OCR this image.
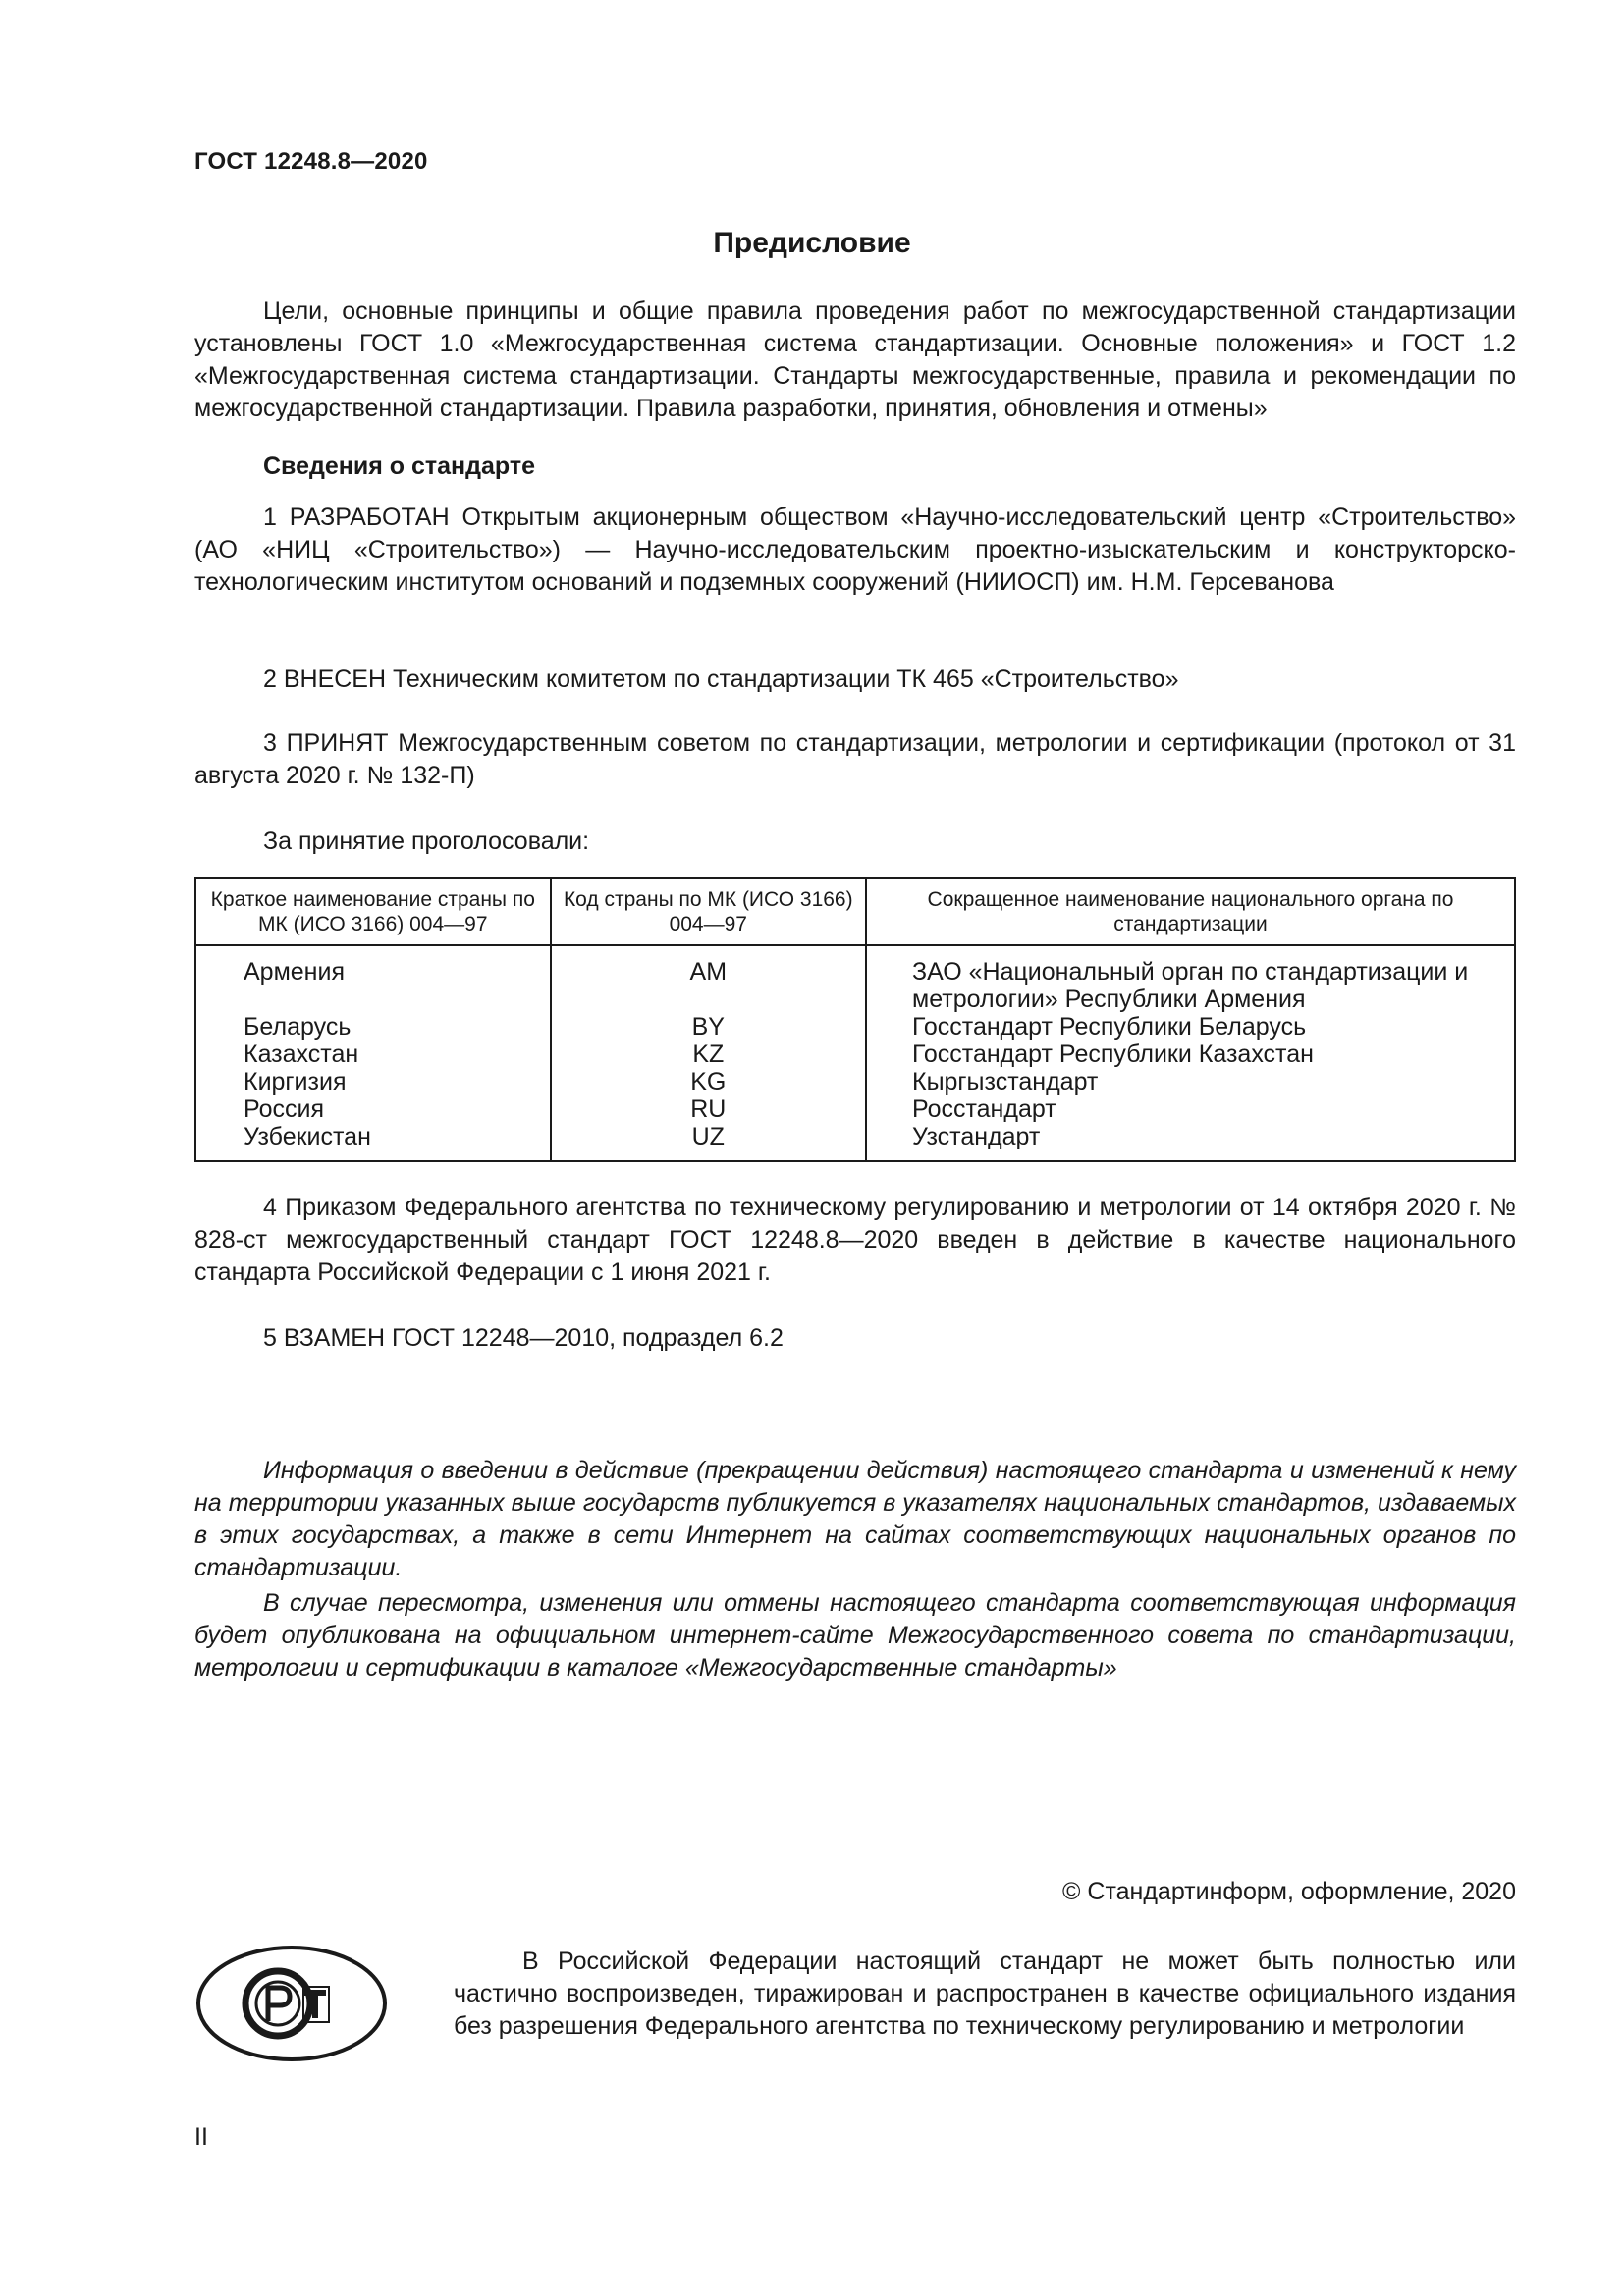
ГОСТ 12248.8—2020
Предисловие
Цели, основные принципы и общие правила проведения работ по межгосударственной стандартизации установлены ГОСТ 1.0 «Межгосударственная система стандартизации. Основные положения» и ГОСТ 1.2 «Межгосударственная система стандартизации. Стандарты межгосударственные, правила и рекомендации по межгосударственной стандартизации. Правила разработки, принятия, обновления и отмены»
Сведения о стандарте
1 РАЗРАБОТАН Открытым акционерным обществом «Научно-исследовательский центр «Строительство» (АО «НИЦ «Строительство») — Научно-исследовательским проектно-изыскательским и конструкторско-технологическим институтом оснований и подземных сооружений (НИИОСП) им. Н.М. Герсеванова
2 ВНЕСЕН Техническим комитетом по стандартизации ТК 465 «Строительство»
3 ПРИНЯТ Межгосударственным советом по стандартизации, метрологии и сертификации (протокол от 31 августа 2020 г. № 132-П)
За принятие проголосовали:
Краткое наименование страны по МК (ИСО 3166) 004—97	Код страны по МК (ИСО 3166) 004—97	Сокращенное наименование национального органа по стандартизации
Армения	AM	ЗАО «Национальный орган по стандартизации и метрологии» Республики Армения
Беларусь	BY	Госстандарт Республики Беларусь
Казахстан	KZ	Госстандарт Республики Казахстан
Киргизия	KG	Кыргызстандарт
Россия	RU	Росстандарт
Узбекистан	UZ	Узстандарт
4 Приказом Федерального агентства по техническому регулированию и метрологии от 14 октября 2020 г. № 828-ст межгосударственный стандарт ГОСТ 12248.8—2020 введен в действие в качестве национального стандарта Российской Федерации с 1 июня 2021 г.
5 ВЗАМЕН ГОСТ 12248—2010, подраздел 6.2
Информация о введении в действие (прекращении действия) настоящего стандарта и изменений к нему на территории указанных выше государств публикуется в указателях национальных стандартов, издаваемых в этих государствах, а также в сети Интернет на сайтах соответствующих национальных органов по стандартизации.
В случае пересмотра, изменения или отмены настоящего стандарта соответствующая информация будет опубликована на официальном интернет-сайте Межгосударственного совета по стандартизации, метрологии и сертификации в каталоге «Межгосударственные стандарты»
© Стандартинформ, оформление, 2020
В Российской Федерации настоящий стандарт не может быть полностью или частично воспроизведен, тиражирован и распространен в качестве официального издания без разрешения Федерального агентства по техническому регулированию и метрологии
II
